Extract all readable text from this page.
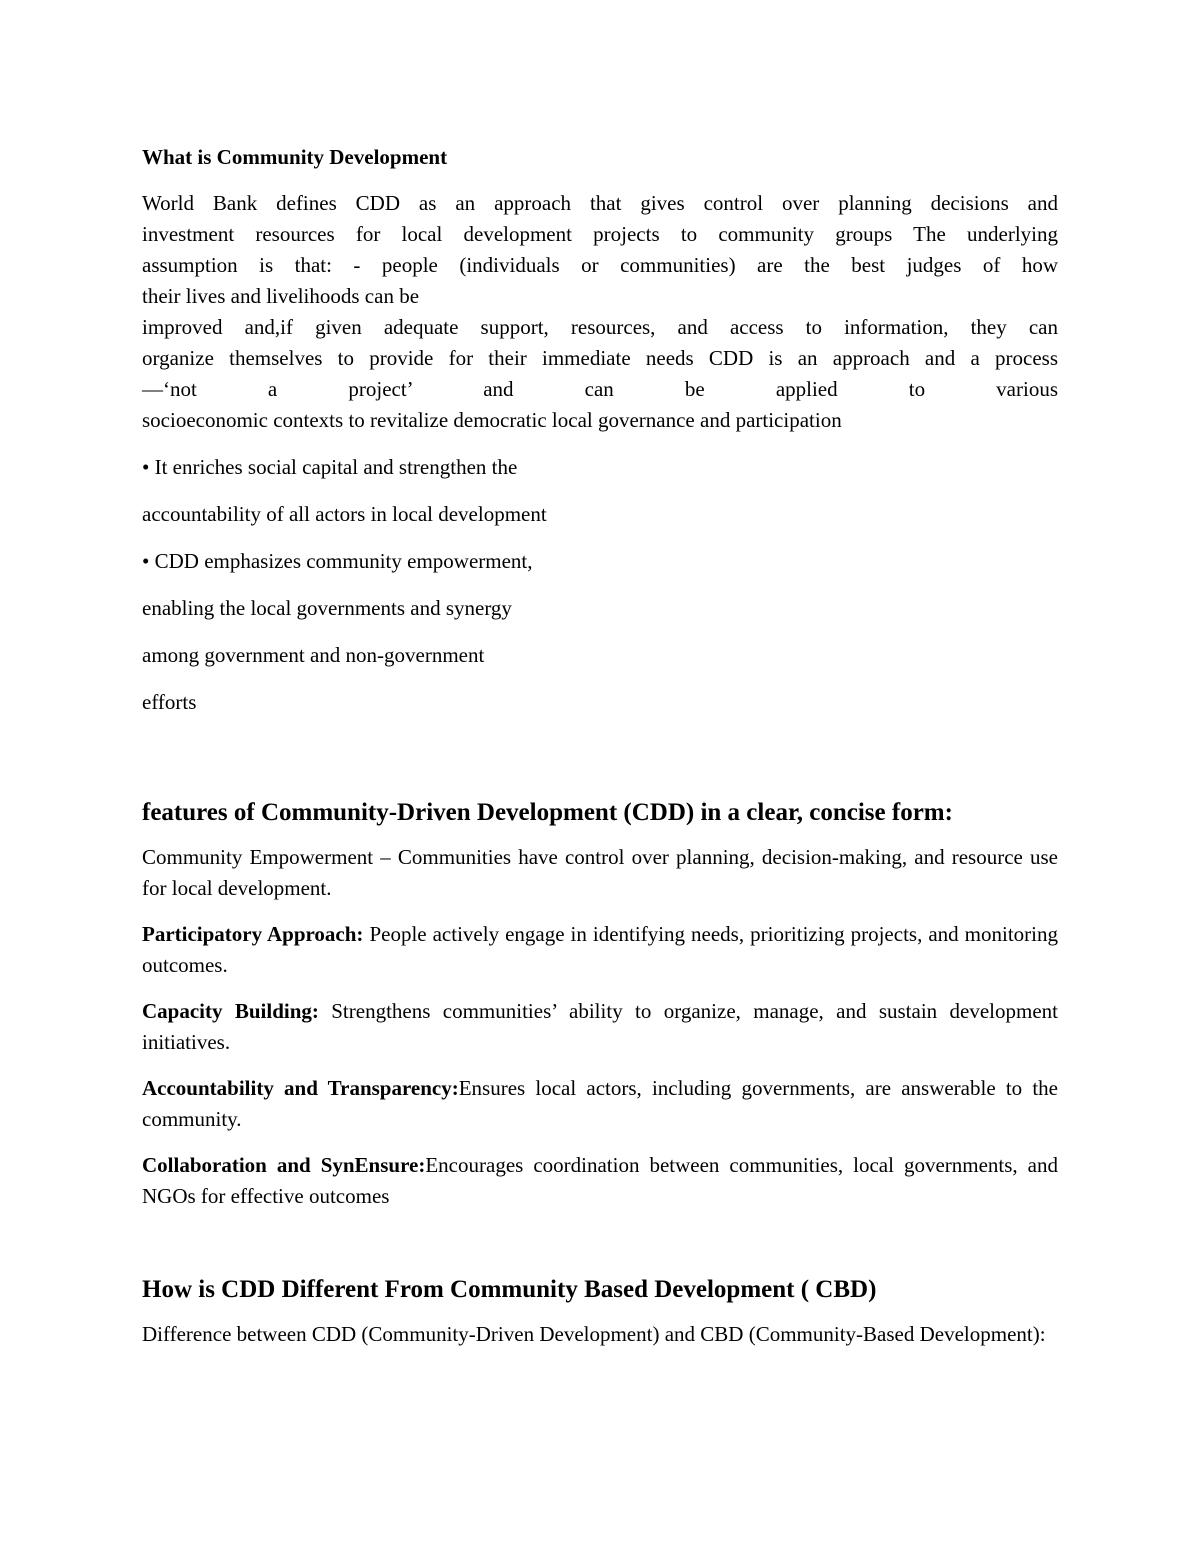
What is Community Development

World Bank defines CDD as an approach that gives control over planning decisions and

investment resources for local development projects to community groups The underlying

assumption is that: - people (individuals or communities) are the best judges of how

their lives and livelihoods can be

improved and,if given adequate support, resources, and access to information, they can

organize themselves to provide for their immediate needs CDD is an approach and a process

—‘not a project’ and can be applied to various

socioeconomic contexts to revitalize democratic local governance and participation

• It enriches social capital and strengthen the

accountability of all actors in local development

• CDD emphasizes community empowerment,

enabling the local governments and synergy

among government and non-government

efforts

features of Community-Driven Development (CDD) in a clear, concise form:

Community Empowerment – Communities have control over planning, decision-making, and resource use for local development.

Participatory Approach: People actively engage in identifying needs, prioritizing projects, and monitoring outcomes.

Capacity Building: Strengthens communities’ ability to organize, manage, and sustain development initiatives.

Accountability and Transparency:Ensures local actors, including governments, are answerable to the community.

Collaboration and SynEnsure:Encourages coordination between communities, local governments, and NGOs for effective outcomes

How is CDD Different From Community Based Development ( CBD)

Difference between CDD (Community-Driven Development) and CBD (Community-Based Development):
